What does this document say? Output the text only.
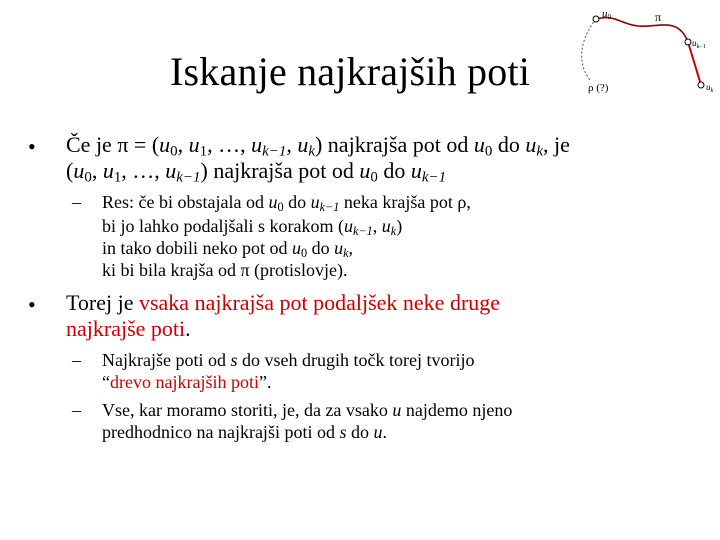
Iskanje najkrajših poti
u0	π
$u_{k-1}$
$u_k$
ρ (?)
• Če je $\pi = (u_0$, $u_1$, …, $u_{k-1}$, $u_k$) najkrajša pot od $u_0$ do $u_k$, je
($u_0$, $u_1$, …, $u_{k-1}$) najkrajša pot od $u_0$ do $u_{k-1}$
– Res: če bi obstajala od $u_0$ do $u_{k-1}$ neka krajša pot ρ,
bi jo lahko podaljšali s korakom ($u_{k-1}$, $u_k$)
in tako dobili neko pot od $u_0$ do $u_k$,
ki bi bila krajša od π (protislovje).
• Torej je vsaka najkrajša pot podaljšek neke druge
najkrajše poti.
– Najkrajše poti od s do vseh drugih točk torej tvorijo
“drevo najkrajših poti”.
– Vse, kar moramo storiti, je, da za vsako u najdemo njeno
predhodnico na najkrajši poti od s do u.
